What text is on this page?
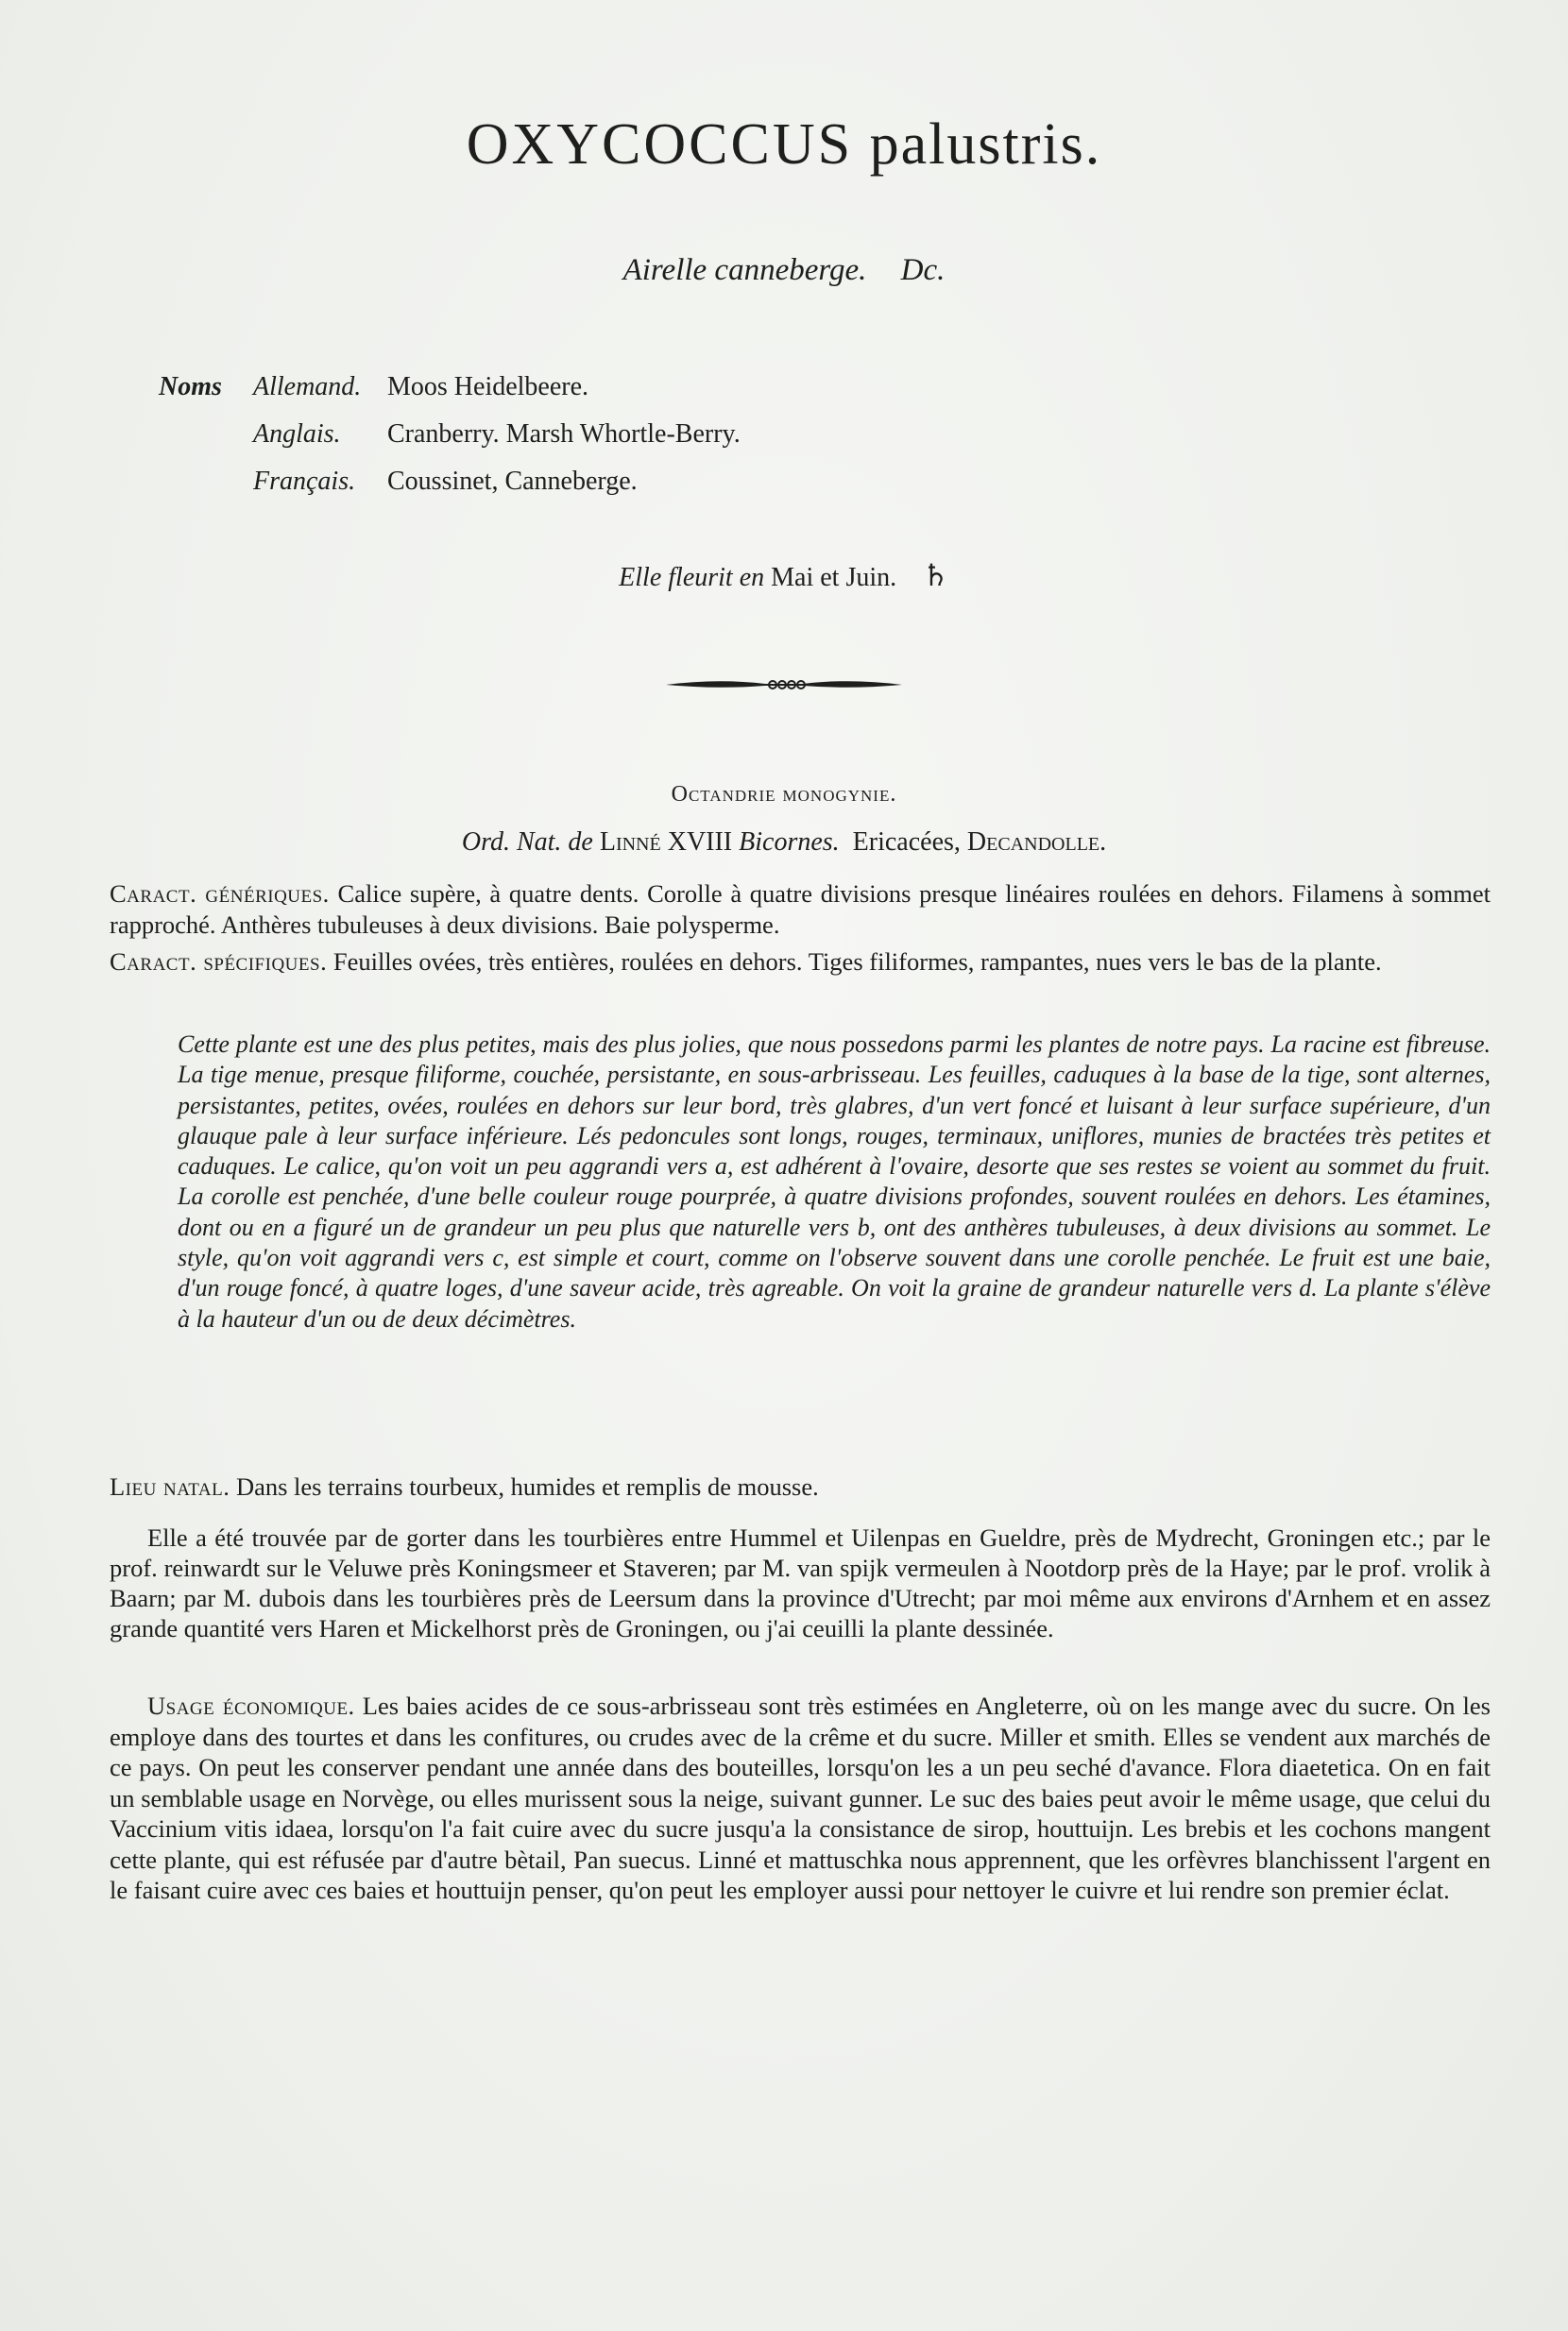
OXYCOCCUS palustris.
Airelle canneberge. Dc.
Noms Allemand. Moos Heidelbeere.
Anglais. Cranberry. Marsh Whortle-Berry.
Français. Coussinet, Canneberge.
Elle fleurit en Mai et Juin. ♄
Octandrie monogynie.
Ord. Nat. de Linné XVIII Bicornes. Ericacées, Decandolle.

Caract. génériques. Calice supère, à quatre dents. Corolle à quatre divisions presque linéaires roulées en dehors. Filamens à sommet rapproché. Anthères tubuleuses à deux divisions. Baie polysperme.

Caract. spécifiques. Feuilles ovées, très entières, roulées en dehors. Tiges filiformes, rampantes, nues vers le bas de la plante.

Cette plante est une des plus petites, mais des plus jolies, que nous possedons parmi les plantes de notre pays. La racine est fibreuse. La tige menue, presque filiforme, couchée, persistante, en sous-arbrisseau. Les feuilles, caduques à la base de la tige, sont alternes, persistantes, petites, ovées, roulées en dehors sur leur bord, très glabres, d'un vert foncé et luisant à leur surface supérieure, d'un glauque pale à leur surface inférieure. Lés pedoncules sont longs, rouges, terminaux, uniflores, munies de bractées très petites et caduques. Le calice, qu'on voit un peu aggrandi vers a, est adhérent à l'ovaire, desorte que ses restes se voient au sommet du fruit. La corolle est penchée, d'une belle couleur rouge pourprée, à quatre divisions profondes, souvent roulées en dehors. Les étamines, dont ou en a figuré un de grandeur un peu plus que naturelle vers b, ont des anthères tubuleuses, à deux divisions au sommet. Le style, qu'on voit aggrandi vers c, est simple et court, comme on l'observe souvent dans une corolle penchée. Le fruit est une baie, d'un rouge foncé, à quatre loges, d'une saveur acide, très agreable. On voit la graine de grandeur naturelle vers d. La plante s'élève à la hauteur d'un ou de deux décimètres.
Lieu natal. Dans les terrains tourbeux, humides et remplis de mousse.
Elle a été trouvée par de gorter dans les tourbières entre Hummel et Uilenpas en Gueldre, près de Mydrecht, Groningen etc.; par le prof. reinwardt sur le Veluwe près Koningsmeer et Staveren; par M. van spijk vermeulen à Nootdorp près de la Haye; par le prof. vrolik à Baarn; par M. dubois dans les tourbières près de Leersum dans la province d'Utrecht; par moi même aux environs d'Arnhem et en assez grande quantité vers Haren et Mickelhorst près de Groningen, ou j'ai ceuilli la plante dessinée.
Usage économique. Les baies acides de ce sous-arbrisseau sont très estimées en Angleterre, où on les mange avec du sucre. On les employe dans des tourtes et dans les confitures, ou crudes avec de la crême et du sucre. Miller et smith. Elles se vendent aux marchés de ce pays. On peut les conserver pendant une année dans des bouteilles, lorsqu'on les a un peu seché d'avance. Flora diaetetica. On en fait un semblable usage en Norvège, ou elles murissent sous la neige, suivant gunner. Le suc des baies peut avoir le même usage, que celui du Vaccinium vitis idaea, lorsqu'on l'a fait cuire avec du sucre jusqu'a la consistance de sirop, houttuijn. Les brebis et les cochons mangent cette plante, qui est réfusée par d'autre bètail, Pan suecus. Linné et mattuschka nous apprennent, que les orfèvres blanchissent l'argent en le faisant cuire avec ces baies et houttuijn penser, qu'on peut les employer aussi pour nettoyer le cuivre et lui rendre son premier éclat.
